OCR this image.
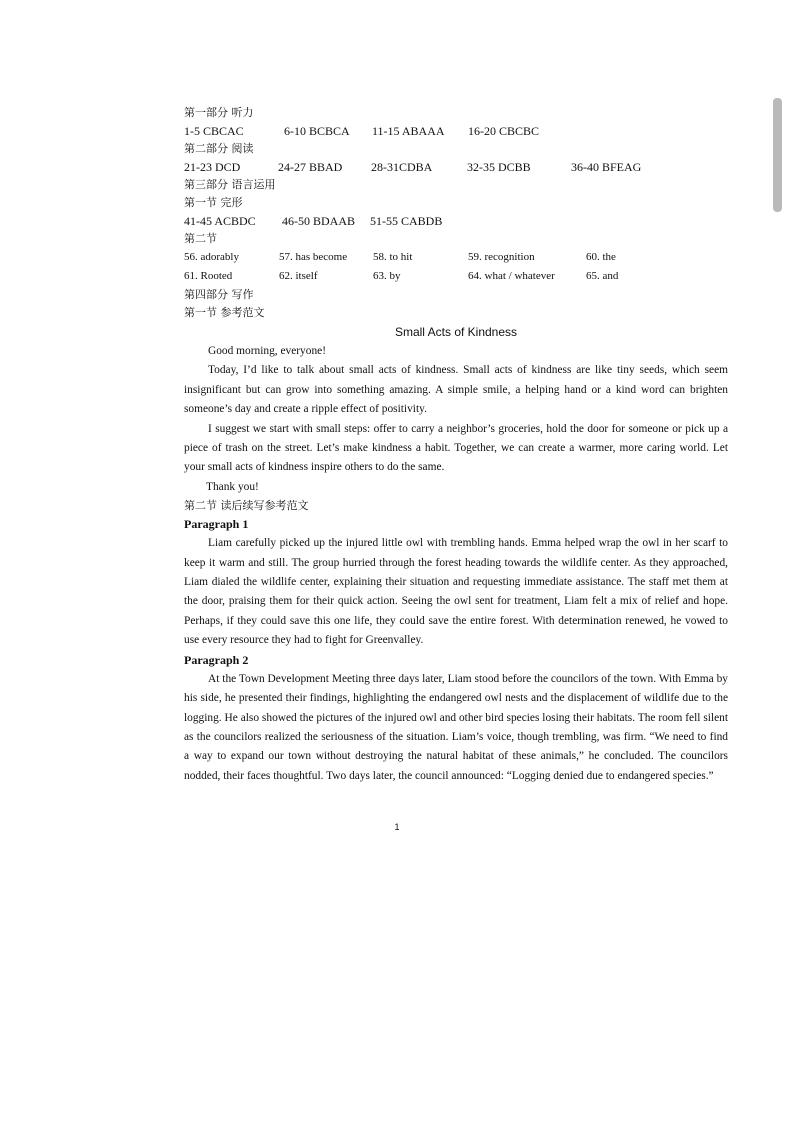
第一部分 听力
1-5 CBCAC	6-10 BCBCA	11-15 ABAAA	16-20 CBCBC
第二部分 阅读
21-23 DCD	24-27 BBAD	28-31CDBA	32-35 DCBB	36-40 BFEAG
第三部分 语言运用
第一节 完形
41-45 ACBDC	46-50 BDAAB	51-55 CABDB
第二节
56. adorably	57. has become	58. to hit	59. recognition	60. the
61. Rooted	62. itself	63. by	64. what / whatever	65. and
第四部分 写作
第一节 参考范文
Small Acts of Kindness

Good morning, everyone!

Today, I’d like to talk about small acts of kindness. Small acts of kindness are like tiny seeds, which seem insignificant but can grow into something amazing. A simple smile, a helping hand or a kind word can brighten someone’s day and create a ripple effect of positivity.

I suggest we start with small steps: offer to carry a neighbor’s groceries, hold the door for someone or pick up a piece of trash on the street. Let’s make kindness a habit. Together, we can create a warmer, more caring world. Let your small acts of kindness inspire others to do the same.

Thank you!

第二节 读后续写参考范文
Paragraph 1

Liam carefully picked up the injured little owl with trembling hands. Emma helped wrap the owl in her scarf to keep it warm and still. The group hurried through the forest heading towards the wildlife center. As they approached, Liam dialed the wildlife center, explaining their situation and requesting immediate assistance. The staff met them at the door, praising them for their quick action. Seeing the owl sent for treatment, Liam felt a mix of relief and hope. Perhaps, if they could save this one life, they could save the entire forest. With determination renewed, he vowed to use every resource they had to fight for Greenvalley.

Paragraph 2

At the Town Development Meeting three days later, Liam stood before the councilors of the town. With Emma by his side, he presented their findings, highlighting the endangered owl nests and the displacement of wildlife due to the logging. He also showed the pictures of the injured owl and other bird species losing their habitats. The room fell silent as the councilors realized the seriousness of the situation. Liam’s voice, though trembling, was firm. “We need to find a way to expand our town without destroying the natural habitat of these animals,” he concluded. The councilors nodded, their faces thoughtful. Two days later, the council announced: “Logging denied due to endangered species.”

1
